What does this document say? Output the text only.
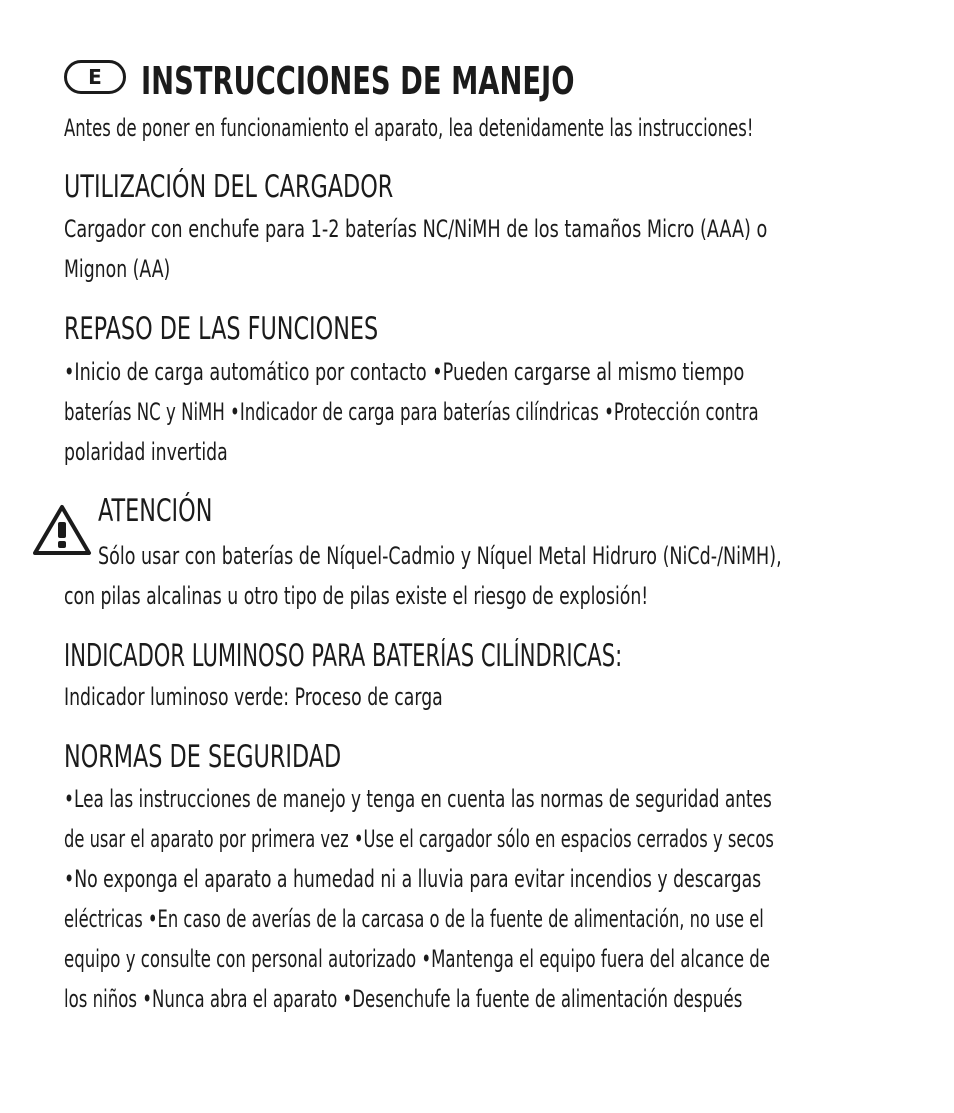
E	INSTRUCCIONES DE MANEJO
Antes de poner en funcionamiento el aparato, lea detenidamente las instrucciones!
UTILIZACIÓN DEL CARGADOR
Cargador con enchufe para 1-2 baterías NC/NiMH de los tamaños Micro (AAA) o
Mignon (AA)
REPASO DE LAS FUNCIONES
•Inicio de carga automático por contacto •Pueden cargarse al mismo tiempo
baterías NC y NiMH •Indicador de carga para baterías cilíndricas •Protección contra
polaridad invertida
ATENCIÓN
Sólo usar con baterías de Níquel-Cadmio y Níquel Metal Hidruro (NiCd-/NiMH),
con pilas alcalinas u otro tipo de pilas existe el riesgo de explosión!
INDICADOR LUMINOSO PARA BATERÍAS CILÍNDRICAS:
Indicador luminoso verde: Proceso de carga
NORMAS DE SEGURIDAD
•Lea las instrucciones de manejo y tenga en cuenta las normas de seguridad antes
de usar el aparato por primera vez •Use el cargador sólo en espacios cerrados y secos
•No exponga el aparato a humedad ni a lluvia para evitar incendios y descargas
eléctricas •En caso de averías de la carcasa o de la fuente de alimentación, no use el
equipo y consulte con personal autorizado •Mantenga el equipo fuera del alcance de
los niños •Nunca abra el aparato •Desenchufe la fuente de alimentación después
